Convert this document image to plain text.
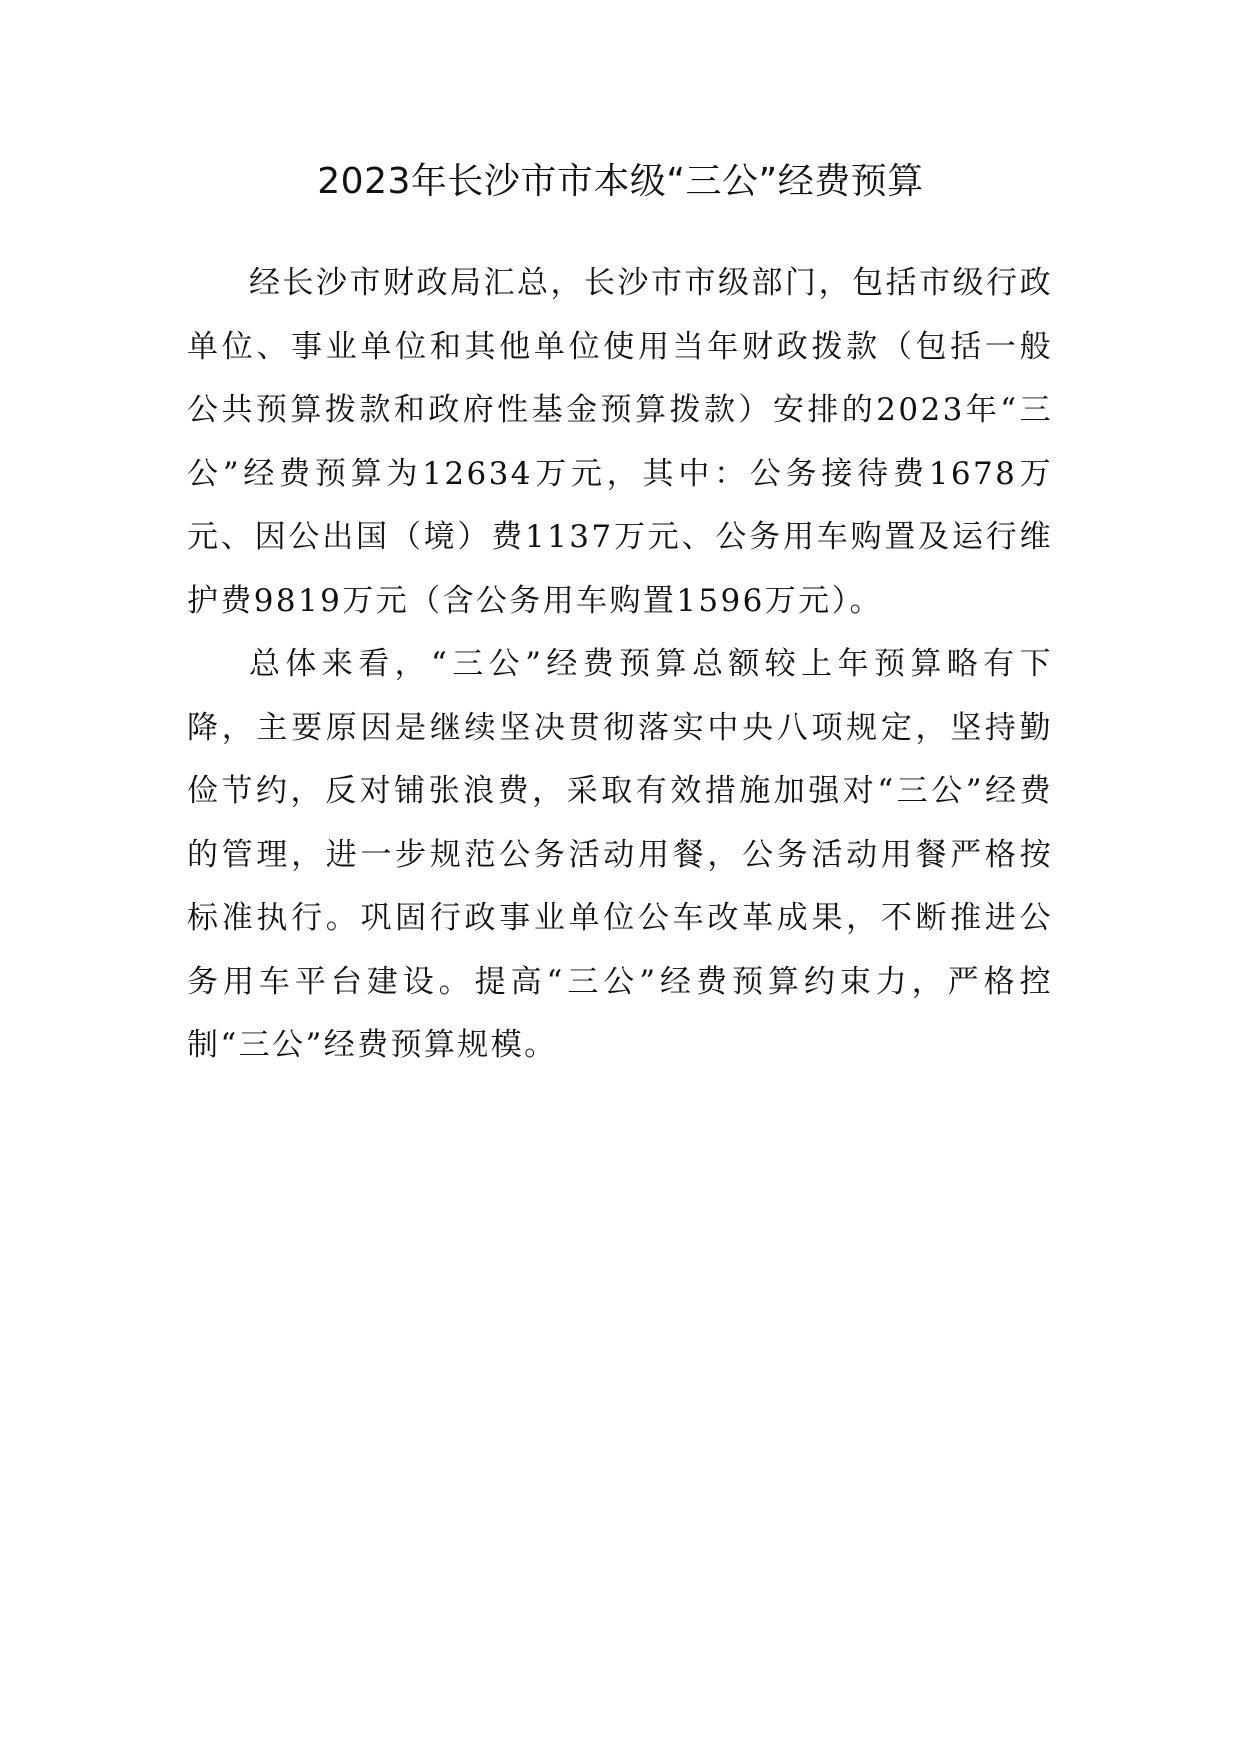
2023年长沙市市本级“三公”经费预算

经长沙市财政局汇总，长沙市市级部门，包括市级行政单位、事业单位和其他单位使用当年财政拨款（包括一般公共预算拨款和政府性基金预算拨款）安排的2023年“三公”经费预算为12634万元，其中：公务接待费1678万元、因公出国（境）费1137万元、公务用车购置及运行维护费9819万元（含公务用车购置1596万元）。

总体来看，“三公”经费预算总额较上年预算略有下降，主要原因是继续坚决贯彻落实中央八项规定，坚持勤俭节约，反对铺张浪费，采取有效措施加强对“三公”经费的管理，进一步规范公务活动用餐，公务活动用餐严格按标准执行。巩固行政事业单位公车改革成果，不断推进公务用车平台建设。提高“三公”经费预算约束力，严格控制“三公”经费预算规模。
